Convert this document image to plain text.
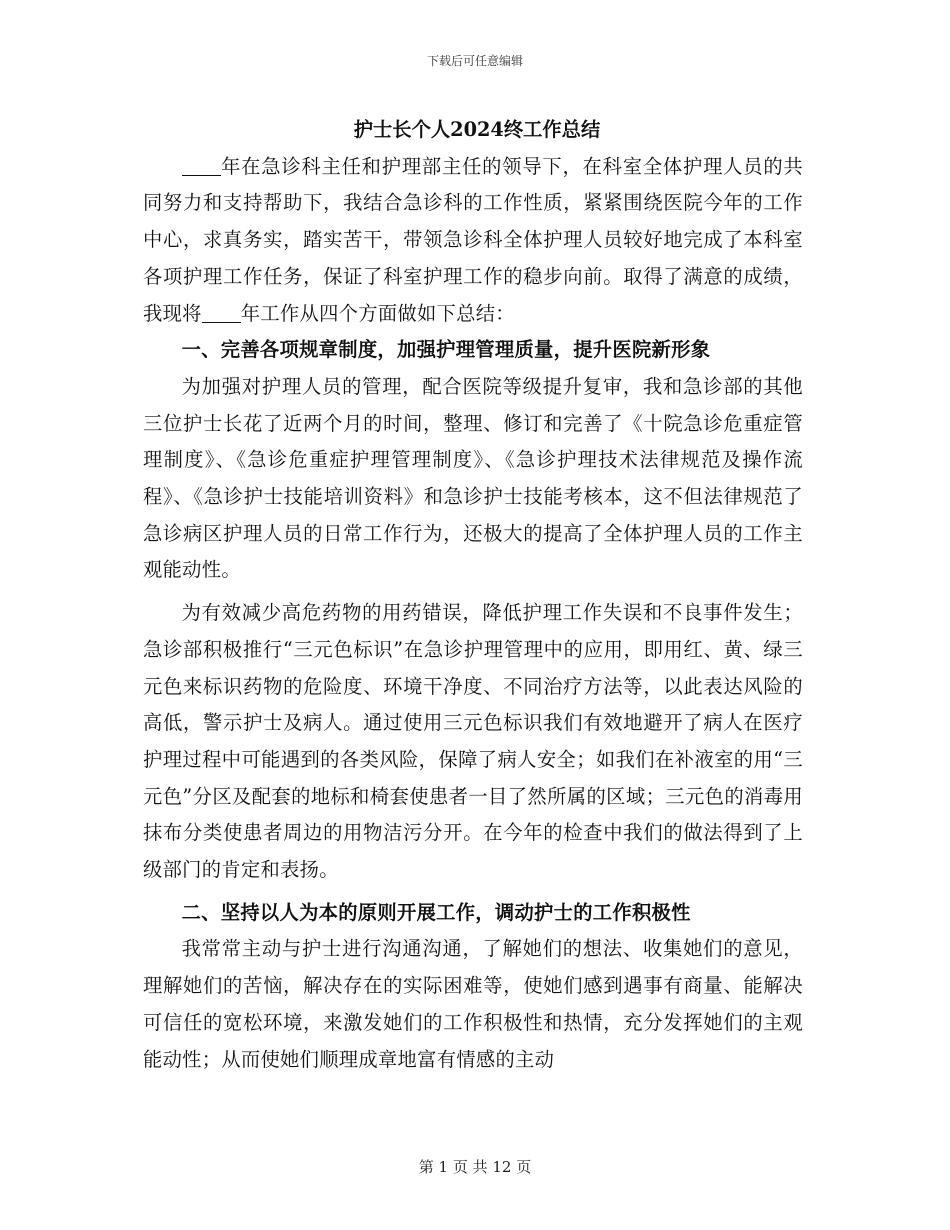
下载后可任意编辑

护士长个人2024终工作总结

年在急诊科主任和护理部主任的领导下，在科室全体护理人员的共同努力和支持帮助下，我结合急诊科的工作性质，紧紧围绕医院今年的工作中心，求真务实，踏实苦干，带领急诊科全体护理人员较好地完成了本科室各项护理工作任务，保证了科室护理工作的稳步向前。取得了满意的成绩，我现将 年工作从四个方面做如下总结：

一、完善各项规章制度，加强护理管理质量，提升医院新形象

为加强对护理人员的管理，配合医院等级提升复审，我和急诊部的其他三位护士长花了近两个月的时间，整理、修订和完善了《十院急诊危重症管理制度》、《急诊危重症护理管理制度》、《急诊护理技术法律规范及操作流程》、《急诊护士技能培训资料》和急诊护士技能考核本，这不但法律规范了急诊病区护理人员的日常工作行为，还极大的提高了全体护理人员的工作主观能动性。

为有效减少高危药物的用药错误，降低护理工作失误和不良事件发生；急诊部积极推行“三元色标识”在急诊护理管理中的应用，即用红、黄、绿三元色来标识药物的危险度、环境干净度、不同治疗方法等，以此表达风险的高低，警示护士及病人。通过使用三元色标识我们有效地避开了病人在医疗护理过程中可能遇到的各类风险，保障了病人安全；如我们在补液室的用“三元色”分区及配套的地标和椅套使患者一目了然所属的区域；三元色的消毒用抹布分类使患者周边的用物洁污分开。在今年的检查中我们的做法得到了上级部门的肯定和表扬。

二、坚持以人为本的原则开展工作，调动护士的工作积极性

我常常主动与护士进行沟通沟通，了解她们的想法、收集她们的意见，理解她们的苦恼，解决存在的实际困难等，使她们感到遇事有商量、能解决可信任的宽松环境，来激发她们的工作积极性和热情，充分发挥她们的主观能动性；从而使她们顺理成章地富有情感的主动

第 1 页 共 12 页
